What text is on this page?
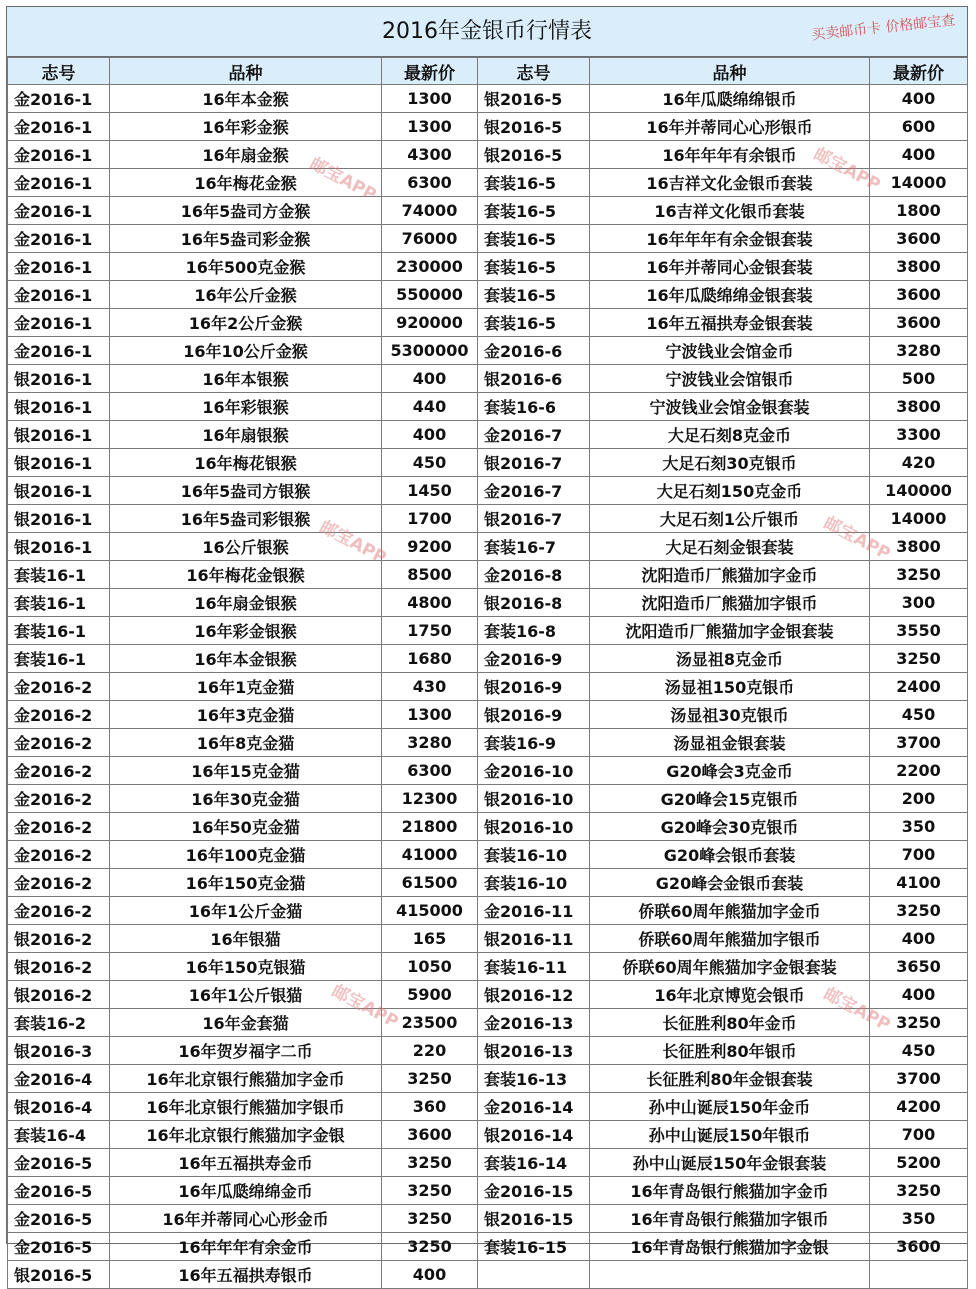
2016年金银币行情表	买卖邮币卡 价格邮宝查
志号	品种	最新价	志号	品种	最新价
金2016-1	16年本金猴	1300	银2016-5	16年瓜瓞绵绵银币	400
金2016-1	16年彩金猴	1300	银2016-5	16年并蒂同心心形银币	600
金2016-1	16年扇金猴	4300	银2016-5	16年年年有余银币	400
金2016-1	16年梅花金猴	6300	套装16-5	16吉祥文化金银币套装	14000
金2016-1	16年5盎司方金猴	74000	套装16-5	16吉祥文化银币套装	1800
金2016-1	16年5盎司彩金猴	76000	套装16-5	16年年年有余金银套装	3600
金2016-1	16年500克金猴	230000	套装16-5	16年并蒂同心金银套装	3800
金2016-1	16年公斤金猴	550000	套装16-5	16年瓜瓞绵绵金银套装	3600
金2016-1	16年2公斤金猴	920000	套装16-5	16年五福拱寿金银套装	3600
金2016-1	16年10公斤金猴	5300000	金2016-6	宁波钱业会馆金币	3280
银2016-1	16年本银猴	400	银2016-6	宁波钱业会馆银币	500
银2016-1	16年彩银猴	440	套装16-6	宁波钱业会馆金银套装	3800
银2016-1	16年扇银猴	400	金2016-7	大足石刻8克金币	3300
银2016-1	16年梅花银猴	450	银2016-7	大足石刻30克银币	420
银2016-1	16年5盎司方银猴	1450	金2016-7	大足石刻150克金币	140000
银2016-1	16年5盎司彩银猴	1700	银2016-7	大足石刻1公斤银币	14000
银2016-1	16公斤银猴	9200	套装16-7	大足石刻金银套装	3800
套装16-1	16年梅花金银猴	8500	金2016-8	沈阳造币厂熊猫加字金币	3250
套装16-1	16年扇金银猴	4800	银2016-8	沈阳造币厂熊猫加字银币	300
套装16-1	16年彩金银猴	1750	套装16-8	沈阳造币厂熊猫加字金银套装	3550
套装16-1	16年本金银猴	1680	金2016-9	汤显祖8克金币	3250
金2016-2	16年1克金猫	430	银2016-9	汤显祖150克银币	2400
金2016-2	16年3克金猫	1300	银2016-9	汤显祖30克银币	450
金2016-2	16年8克金猫	3280	套装16-9	汤显祖金银套装	3700
金2016-2	16年15克金猫	6300	金2016-10	G20峰会3克金币	2200
金2016-2	16年30克金猫	12300	银2016-10	G20峰会15克银币	200
金2016-2	16年50克金猫	21800	银2016-10	G20峰会30克银币	350
金2016-2	16年100克金猫	41000	套装16-10	G20峰会银币套装	700
金2016-2	16年150克金猫	61500	套装16-10	G20峰会金银币套装	4100
金2016-2	16年1公斤金猫	415000	金2016-11	侨联60周年熊猫加字金币	3250
银2016-2	16年银猫	165	银2016-11	侨联60周年熊猫加字银币	400
银2016-2	16年150克银猫	1050	套装16-11	侨联60周年熊猫加字金银套装	3650
银2016-2	16年1公斤银猫	5900	银2016-12	16年北京博览会银币	400
套装16-2	16年金套猫	23500	金2016-13	长征胜利80年金币	3250
银2016-3	16年贺岁福字二币	220	银2016-13	长征胜利80年银币	450
金2016-4	16年北京银行熊猫加字金币	3250	套装16-13	长征胜利80年金银套装	3700
银2016-4	16年北京银行熊猫加字银币	360	金2016-14	孙中山诞辰150年金币	4200
套装16-4	16年北京银行熊猫加字金银	3600	银2016-14	孙中山诞辰150年银币	700
金2016-5	16年五福拱寿金币	3250	套装16-14	孙中山诞辰150年金银套装	5200
金2016-5	16年瓜瓞绵绵金币	3250	金2016-15	16年青岛银行熊猫加字金币	3250
金2016-5	16年并蒂同心心形金币	3250	银2016-15	16年青岛银行熊猫加字银币	350
金2016-5	16年年年有余金币	3250	套装16-15	16年青岛银行熊猫加字金银	3600
银2016-5	16年五福拱寿银币	400			
邮宝APP	邮宝APP
邮宝APP	邮宝APP
邮宝APP	邮宝APP
